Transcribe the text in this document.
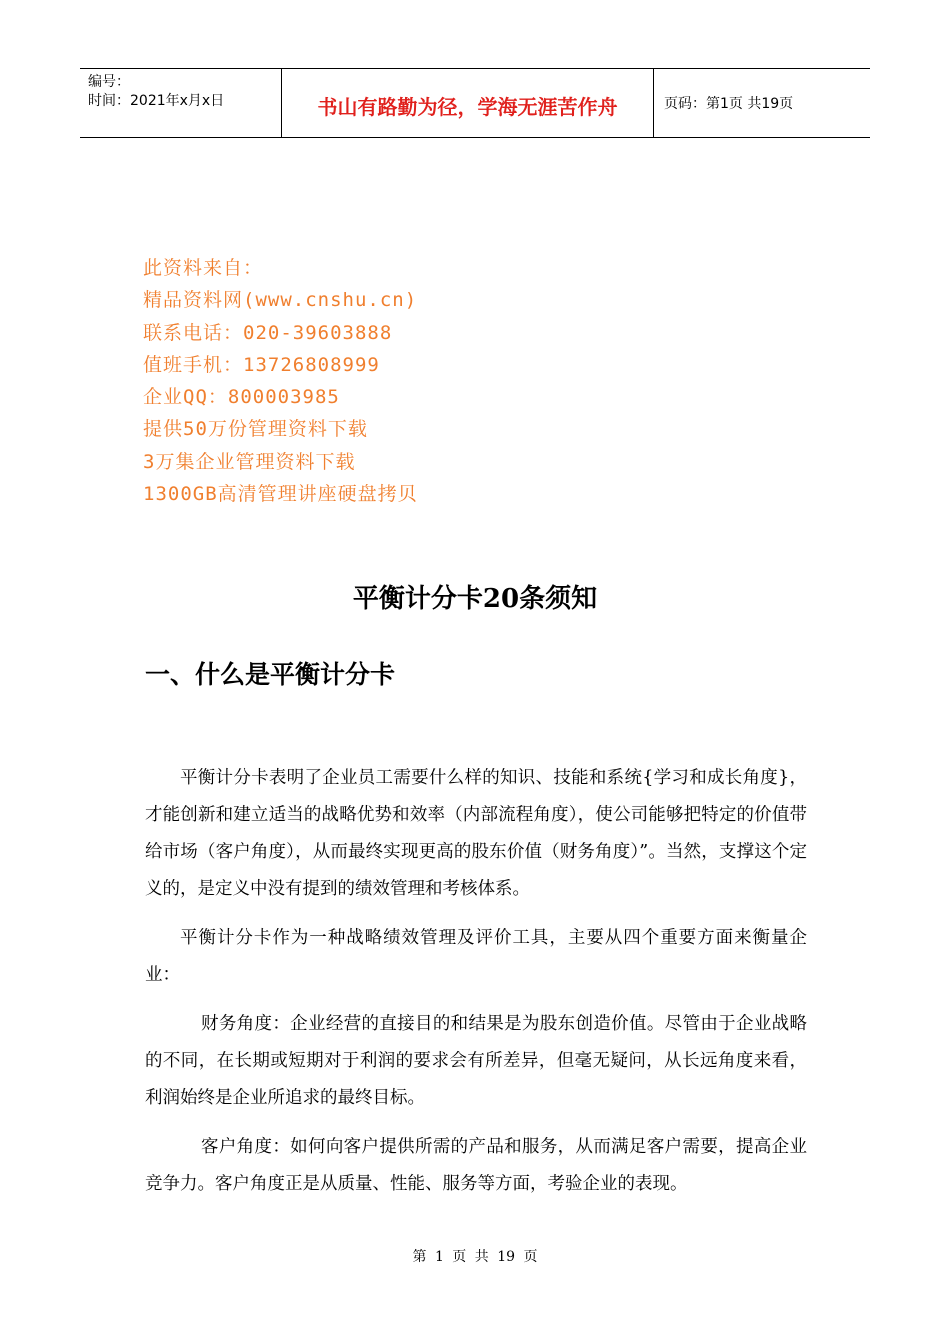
编号：
时间：2021年x月x日	书山有路勤为径，学海无涯苦作舟	页码：第1页 共19页
此资料来自：
精品资料网(www.cnshu.cn)
联系电话：020-39603888
值班手机：13726808999
企业QQ：800003985
提供50万份管理资料下载
3万集企业管理资料下载
1300GB高清管理讲座硬盘拷贝
平衡计分卡20条须知
一、什么是平衡计分卡

平衡计分卡表明了企业员工需要什么样的知识、技能和系统{学习和成长角度}，才能创新和建立适当的战略优势和效率（内部流程角度），使公司能够把特定的价值带给市场（客户角度），从而最终实现更高的股东价值（财务角度）”。当然，支撑这个定义的，是定义中没有提到的绩效管理和考核体系。

平衡计分卡作为一种战略绩效管理及评价工具，主要从四个重要方面来衡量企业：

财务角度：企业经营的直接目的和结果是为股东创造价值。尽管由于企业战略的不同，在长期或短期对于利润的要求会有所差异，但毫无疑问，从长远角度来看，利润始终是企业所追求的最终目标。

客户角度：如何向客户提供所需的产品和服务，从而满足客户需要，提高企业竞争力。客户角度正是从质量、性能、服务等方面，考验企业的表现。

第 1 页 共 19 页
